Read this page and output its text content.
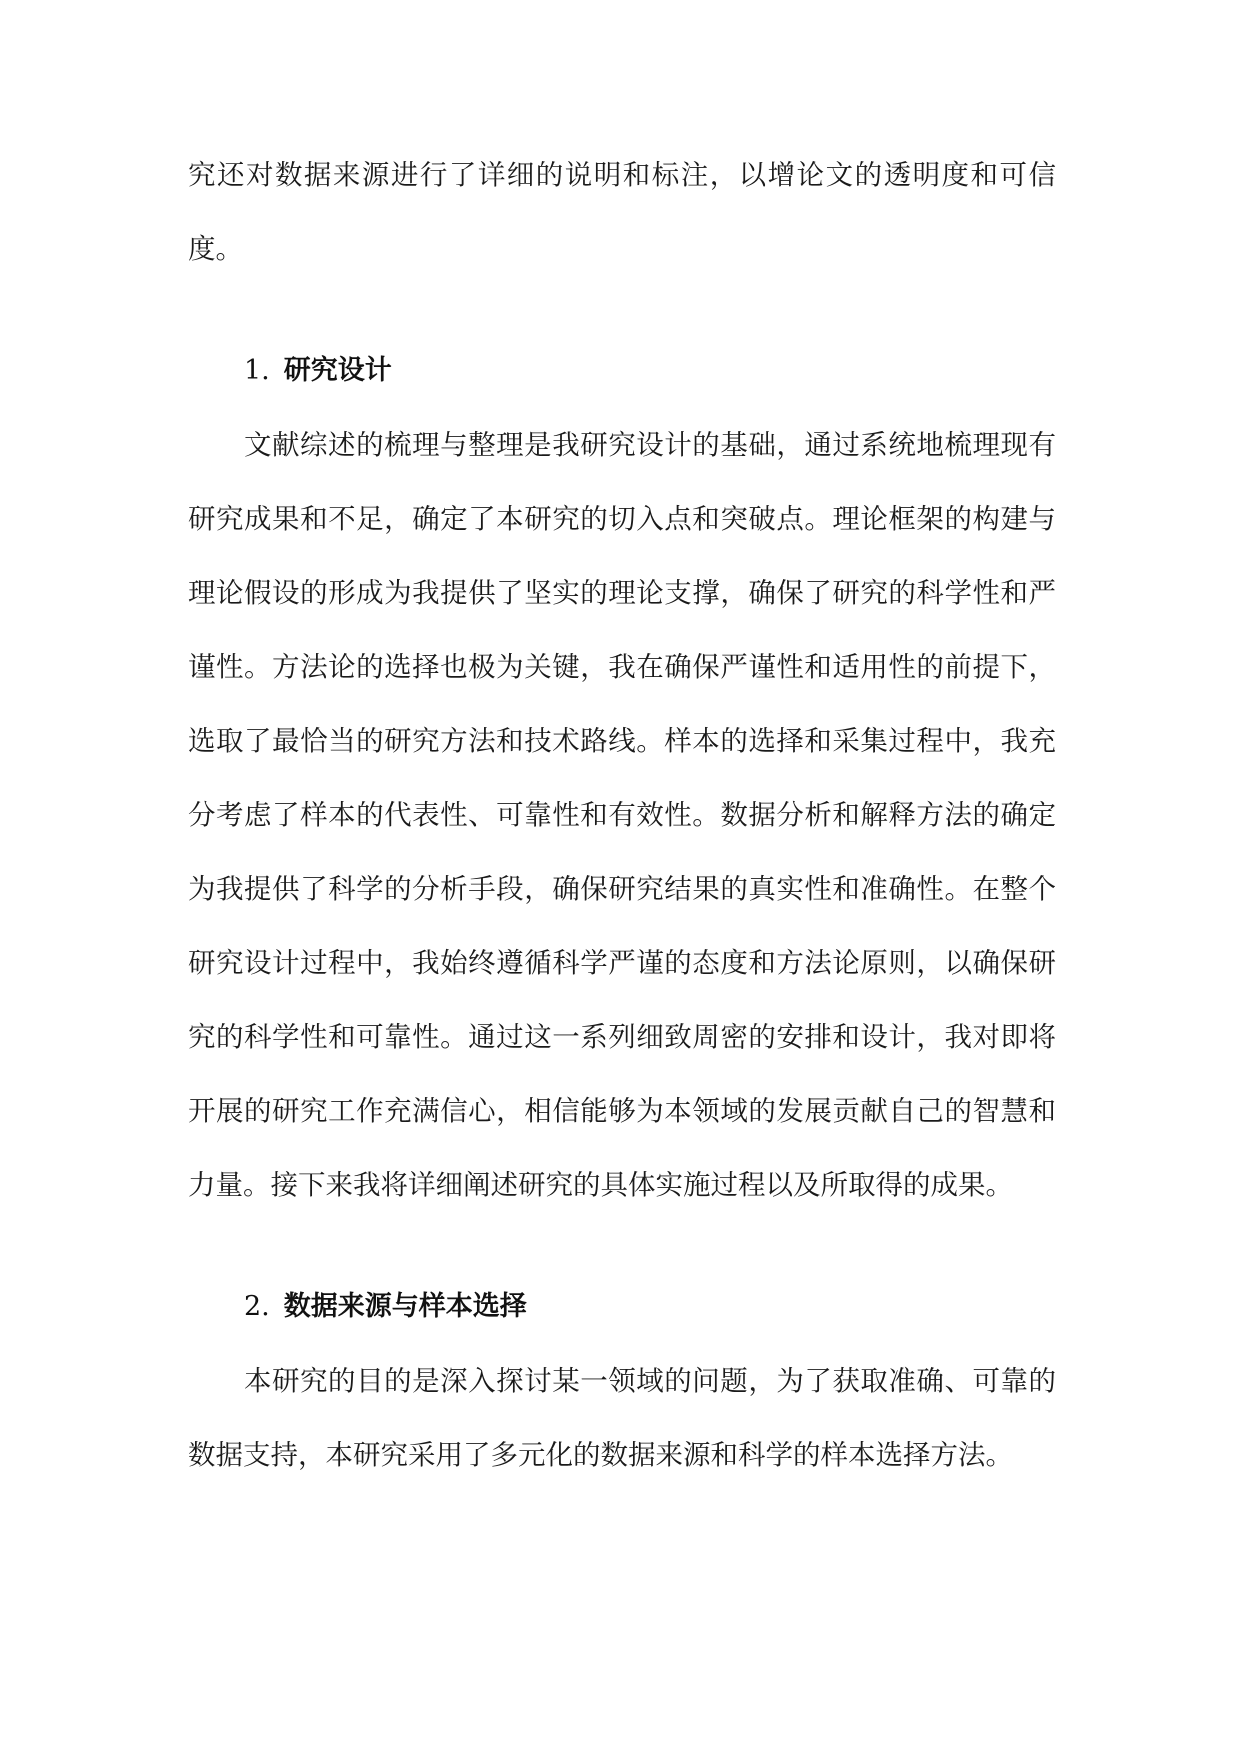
究还对数据来源进行了详细的说明和标注，以增论文的透明度和可信度。

1. 研究设计

文献综述的梳理与整理是我研究设计的基础，通过系统地梳理现有研究成果和不足，确定了本研究的切入点和突破点。理论框架的构建与理论假设的形成为我提供了坚实的理论支撑，确保了研究的科学性和严谨性。方法论的选择也极为关键，我在确保严谨性和适用性的前提下，选取了最恰当的研究方法和技术路线。样本的选择和采集过程中，我充分考虑了样本的代表性、可靠性和有效性。数据分析和解释方法的确定为我提供了科学的分析手段，确保研究结果的真实性和准确性。在整个研究设计过程中，我始终遵循科学严谨的态度和方法论原则，以确保研究的科学性和可靠性。通过这一系列细致周密的安排和设计，我对即将开展的研究工作充满信心，相信能够为本领域的发展贡献自己的智慧和力量。接下来我将详细阐述研究的具体实施过程以及所取得的成果。

2. 数据来源与样本选择

本研究的目的是深入探讨某一领域的问题，为了获取准确、可靠的数据支持，本研究采用了多元化的数据来源和科学的样本选择方法。
